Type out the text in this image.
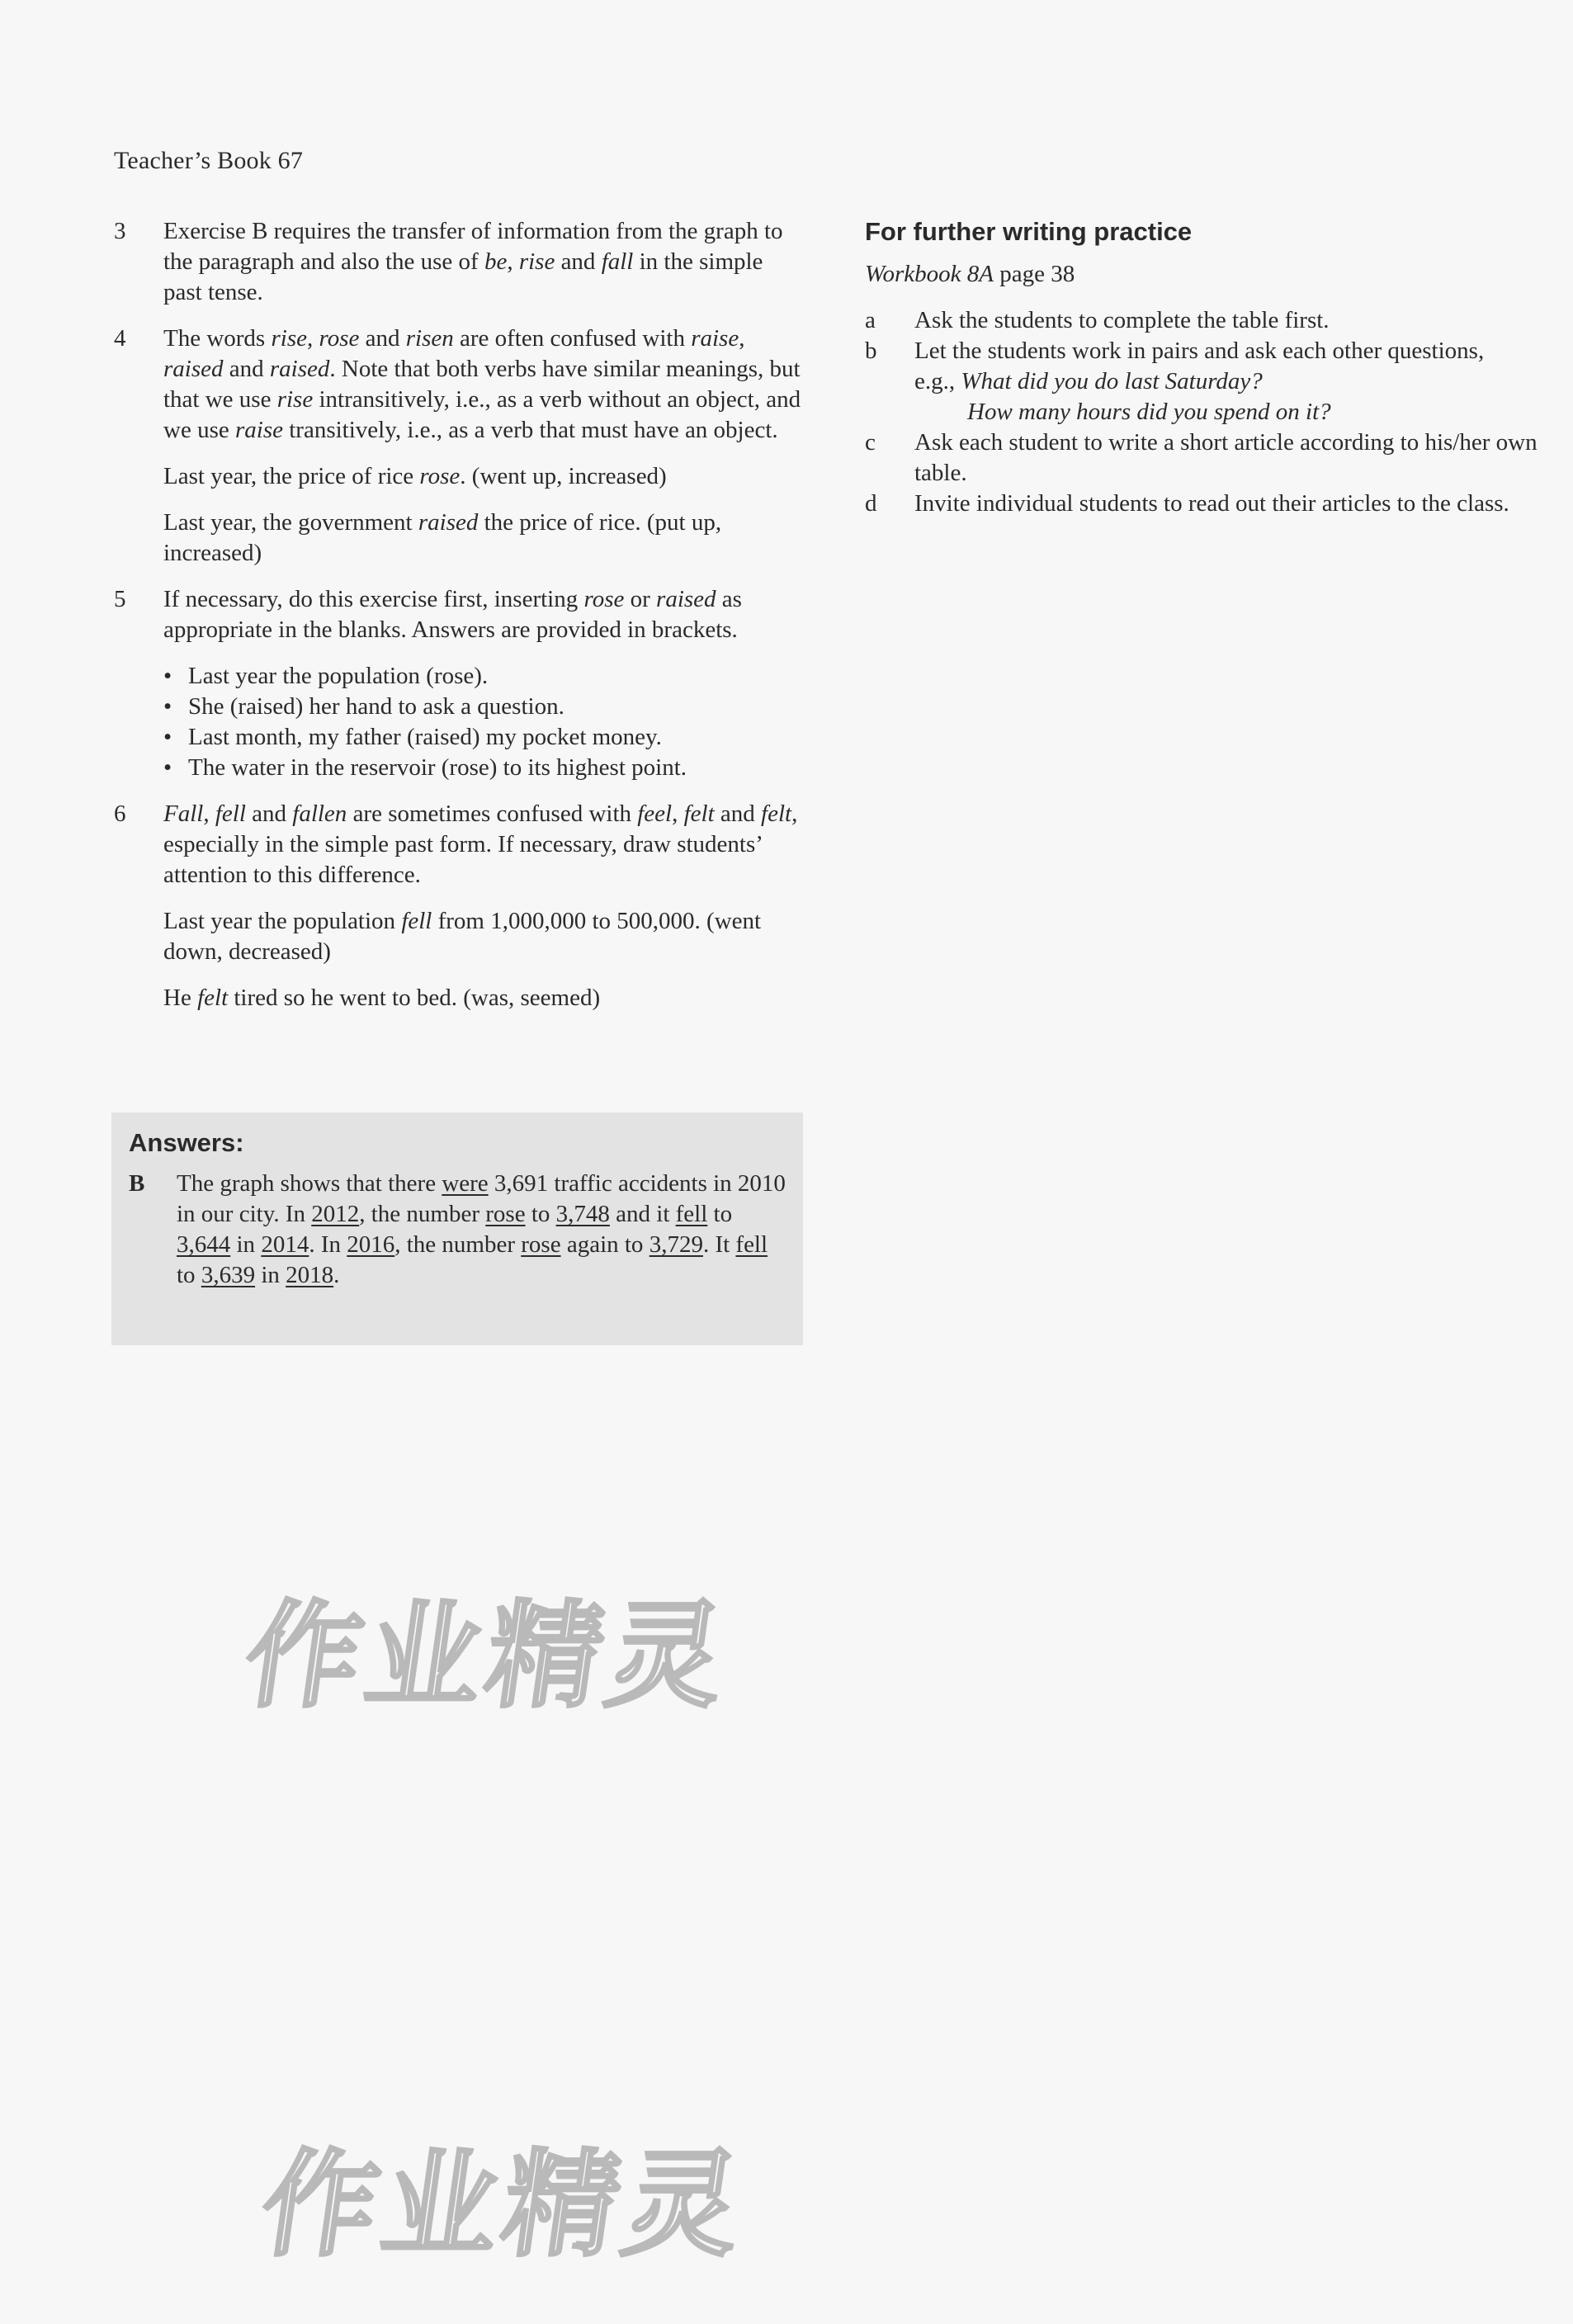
Teacher’s Book 67
3	Exercise B requires the transfer of information from the graph to the paragraph and also the use of be, rise and fall in the simple past tense.
4	The words rise, rose and risen are often confused with raise, raised and raised. Note that both verbs have similar meanings, but that we use rise intransitively, i.e., as a verb without an object, and we use raise transitively, i.e., as a verb that must have an object.

Last year, the price of rice rose. (went up, increased)

Last year, the government raised the price of rice. (put up, increased)

5	If necessary, do this exercise first, inserting rose or raised as appropriate in the blanks. Answers are provided in brackets.

• Last year the population (rose).
• She (raised) her hand to ask a question.
• Last month, my father (raised) my pocket money.
• The water in the reservoir (rose) to its highest point.
6	Fall, fell and fallen are sometimes confused with feel, felt and felt, especially in the simple past form. If necessary, draw students’ attention to this difference.

Last year the population fell from 1,000,000 to 500,000. (went down, decreased)

He felt tired so he went to bed. (was, seemed)

Answers:
B	The graph shows that there were 3,691 traffic accidents in 2010 in our city. In 2012, the number rose to 3,748 and it fell to 3,644 in 2014. In 2016, the number rose again to 3,729. It fell to 3,639 in 2018.
For further writing practice

Workbook 8A page 38

a	Ask the students to complete the table first.
b	Let the students work in pairs and ask each other questions,
e.g., What did you do last Saturday?
How many hours did you spend on it?
c	Ask each student to write a short article according to his/her own table.
d	Invite individual students to read out their articles to the class.
作业精灵
作业精灵
